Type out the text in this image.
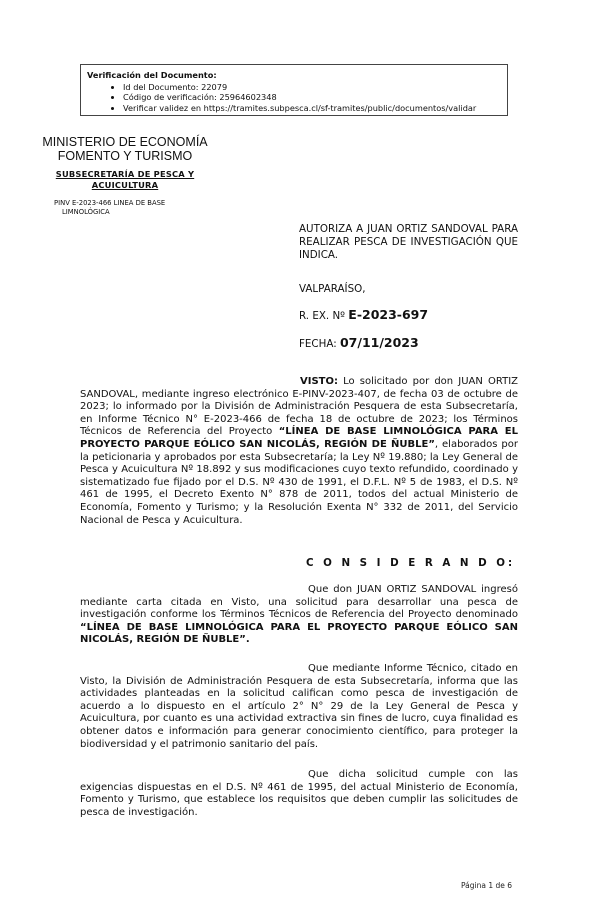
Verificación del Documento:
• Id del Documento: 22079
• Código de verificación: 25964602348
• Verificar validez en https://tramites.subpesca.cl/sf-tramites/public/documentos/validar
MINISTERIO DE ECONOMÍA
FOMENTO Y TURISMO
SUBSECRETARÍA DE PESCA Y
ACUICULTURA
PINV E-2023-466 LINEA DE BASE
LIMNOLÓGICA
AUTORIZA A JUAN ORTIZ SANDOVAL PARA REALIZAR PESCA DE INVESTIGACIÓN QUE INDICA.
VALPARAÍSO,
R. EX. Nº E-2023-697
FECHA: 07/11/2023
VISTO: Lo solicitado por don JUAN ORTIZ SANDOVAL, mediante ingreso electrónico E-PINV-2023-407, de fecha 03 de octubre de 2023; lo informado por la División de Administración Pesquera de esta Subsecretaría, en Informe Técnico N° E-2023-466 de fecha 18 de octubre de 2023; los Términos Técnicos de Referencia del Proyecto “LÍNEA DE BASE LIMNOLÓGICA PARA EL PROYECTO PARQUE EÓLICO SAN NICOLÁS, REGIÓN DE ÑUBLE”, elaborados por la peticionaria y aprobados por esta Subsecretaría; la Ley Nº 19.880; la Ley General de Pesca y Acuicultura Nº 18.892 y sus modificaciones cuyo texto refundido, coordinado y sistematizado fue fijado por el D.S. Nº 430 de 1991, el D.F.L. Nº 5 de 1983, el D.S. Nº 461 de 1995, el Decreto Exento N° 878 de 2011, todos del actual Ministerio de Economía, Fomento y Turismo; y la Resolución Exenta N° 332 de 2011, del Servicio Nacional de Pesca y Acuicultura.
C O N S I D E R A N D O:
Que don JUAN ORTIZ SANDOVAL ingresó mediante carta citada en Visto, una solicitud para desarrollar una pesca de investigación conforme los Términos Técnicos de Referencia del Proyecto denominado “LÍNEA DE BASE LIMNOLÓGICA PARA EL PROYECTO PARQUE EÓLICO SAN NICOLÁS, REGIÓN DE ÑUBLE”.
Que mediante Informe Técnico, citado en Visto, la División de Administración Pesquera de esta Subsecretaría, informa que las actividades planteadas en la solicitud califican como pesca de investigación de acuerdo a lo dispuesto en el artículo 2° N° 29 de la Ley General de Pesca y Acuicultura, por cuanto es una actividad extractiva sin fines de lucro, cuya finalidad es obtener datos e información para generar conocimiento científico, para proteger la biodiversidad y el patrimonio sanitario del país.
Que dicha solicitud cumple con las exigencias dispuestas en el D.S. Nº 461 de 1995, del actual Ministerio de Economía, Fomento y Turismo, que establece los requisitos que deben cumplir las solicitudes de pesca de investigación.
Página 1 de 6
